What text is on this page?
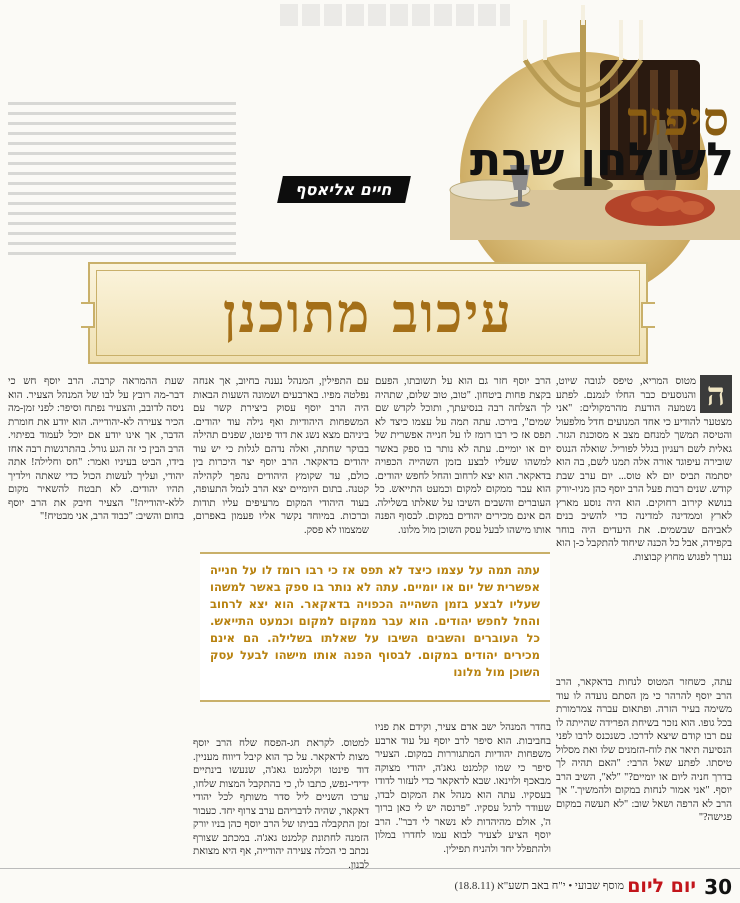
סיפור
לשולחן שבת
חיים אליאסף
עיכוב מתוכנן
ה

מטוס המריא, טיפס לגובה שיוט, והנוסעים כבר החלו לנמנם. לפתע נשמעה הודעת מהרמקולים: "אני מצטער להודיע כי אחד המנועים חדל מלפעול והטיסה תמשך למנחם מצב א מסוכנת הגזר. גאלית לשם רעגיון בגלל לפוריל. שואלה הנגוס שובירה עיפוגד אורה אלה תמנו לשם, בה הוא יסתמה תביס יום לא טוס... יום ערב שבת קודש. שנים רבות פעל הרב יוסף כהן מניו-יורק בנושא קירוב רחוקים. הוא היה נוסע מארץ לארץ וממדינה למדינה כדי להשיב בנים לאביהם שבשמים. את היעדים היה בוחר בקפידה, אבל כל הכנה שיחוד להתקבל כ-ן הוא נערך לפגוש מחוץ קבוצות.

עתה, כשחזר המטוס לנחות בדאקאר, הרב הרב יוסף להרהר כי מן הסתם נועדה לו עוד משימה בעיר הזרה. ופתאום עברה צמרמורת בכל גופו. הוא נזכר בשיחת הפרידה שהייתה לו עם רבו קודם שיצא לדרכו. כשנכנס לרבו לפני הנסיעה תיאר את לוח-הזמנים שלו ואת מסלול טיסתו. לפתע שאל הרבי: "האם תהיה לך בדרך חניה ליום או יומיים?" "לא", השיב הרב יוסף. "אני אמור לנחות במקום ולהמשיך." אך הרב לא הרפה ושאל שוב: "לא תעשה במקום פגישה?"

הרב יוסף חזר גם הוא על תשובתו, הפעם בקצת פחות ביטחון. "טוב, טוב שלום, שתהיה לך הצלחה רבה בנסיעתך, ותוכל לקדש שם שמים", בירכו. עתה תמה על עצמו כיצד לא תפס אז כי רבו רומז לו על חנייה אפשרית של יום או יומיים. עתה לא נותר בו ספק באשר למשהו שעליו לבצע בזמן השהייה הכפויה בדאקאר. הוא יצא לרחוב והחל לחפש יהודים. הוא עבר ממקום למקום וכמעט התייאש. כל העוברים והשבים השיבו על שאלתו בשלילה. הם אינם מכירים יהודים במקום. לבסוף הפנה אותו מישהו לבעל עסק השוכן מול מלונו.

בחדר המנהל ישב אדם צעיר, וקידם את פניו בחביבות. הוא סיפר לרב יוסף על עוד ארבע משפחות יהודיות המתגוררות במקום. הצעיר סיפר כי שמו קלמנט גאג'ה, יהודי מצוקה מבאכף ולוינאו. שבא לדאקאר כדי לעזור לדודו בעסקיו. עתה הוא מנהל את המקום לבדו, שעודר לרגל עסקיו. "פרנסה יש לי כאן ברוך ה', אולם מהיהדות לא נשאר לי דבר". הרב יוסף הציע לצעיר לבוא עמו לחדרו במלון ולהתפלל יחד ולהניח תפילין.

עם התפילין, המנהל נענה בחיוב, אך אנחה נפלטה מפיו. בארבעים ושמונה השעות הבאות היה הרב יוסף עסוק ביצירת קשר עם המשפחות היהודיות ואף גילה עוד יהודים. ביניהם מצא נשג את דוד פינטו, שפנים תהילה בבוקר שחתה, ואלה נדהם לגלות כי יש עוד יהודים בדאקאר. הרב יוסף יצר היכרות בין כולם, עד שקומץ היהודים נהפך לקהילה קטנה. בתום היומיים יצא הרב לנמל התעופה, בעוד היהודי המקום מרעיפים עליו תודות וברכות. במיוחד נקשר אליו פעמון באפרום, שמצמוו לא פסק.

למטוס. לקראת חג-הפסח שלח הרב יוסף מצות לדאקאר. על כך הוא קיבל דיווח מעניין. דוד פינטו וקלמנט גאג'ה, שנעשו בינתיים ידידי-נפש, כתבו לו, כי בהתקבל המצות שלחו, ערכו השניים ליל סדר משותף לכל יהודי דאקאר, שהיה לדבריהם ערב צרוף יחד. כעבור זמן התקבלה בביתו של הרב יוסף כהן בניו יורק הזמנה לחתונת קלמנט גאג'ה. במכתב שצורף נכתב כי הכלה צעירה יהודייה, אף היא מצואת לבנון.

שעת ההמראה קרבה. הרב יוסף חש כי דבר-מה רובץ על לבו של המנהל הצעיר. הוא ניסה לדובב, והצעיר נפתח וסיפר: לפני זמן-מה הכיר צעירה לא-יהודייה. הוא יודע את חומרת הדבר, אך אינו יודע אם יוכל לעמוד בפיתוי. הרב הבין כי זה הגע גורל. בהתרגשות רבה אחז בידו, הביט בעיניו ואמר: "חס וחלילה! אתה יהודי, ועליך לעשות הכול כדי שאתה וילדיך תהיו יהודים. לא תבטח להשאיר מקום ללא-יהודייה!" הצעיר חיבק את הרב יוסף בחום והשיב: "כבוד הרב, אני מבטיח!"

עתה תמה על עצמו כיצד לא תפס אז כי רבו רומז לו על חנייה אפשרית של יום או יומיים. עתה לא נותר בו ספק באשר למשהו שעליו לבצע בזמן השהייה הכפויה בדאקאר. הוא יצא לרחוב והחל לחפש יהודים. הוא עבר ממקום למקום וכמעט התייאש. כל העוברים והשבים השיבו על שאלתו בשלילה. הם אינם מכירים יהודים במקום. לבסוף הפנה אותו מישהו לבעל עסק השוכן מול מלונו
30
יום ליום
מוסף שבועי • י"ח באב תשע"א (18.8.11)
